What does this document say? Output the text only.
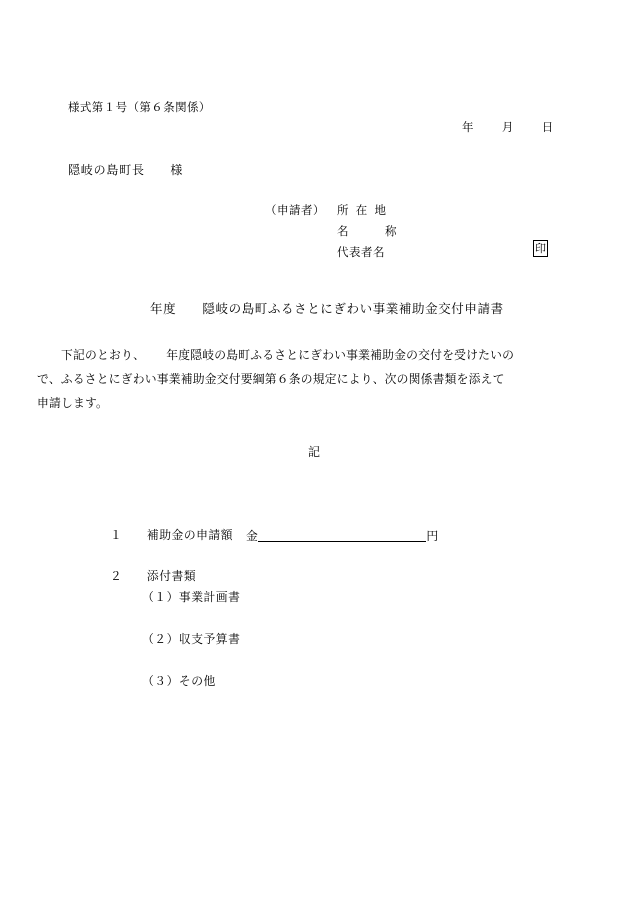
様式第１号（第６条関係）
年        月        日
隠岐の島町長　　様
（申請者） 所  在  地
名　　　称
代表者名	印
年度　　隠岐の島町ふるさとにぎわい事業補助金交付申請書
下記のとおり、　　 年度隠岐の島町ふるさとにぎわい事業補助金の交付を受けたいの
で、ふるさとにぎわい事業補助金交付要綱第６条の規定により、次の関係書類を添えて
申請します。
記
１　　 補助金の申請額 金	円
２　　 添付書類
（１）事業計画書
（２）収支予算書
（３）その他
